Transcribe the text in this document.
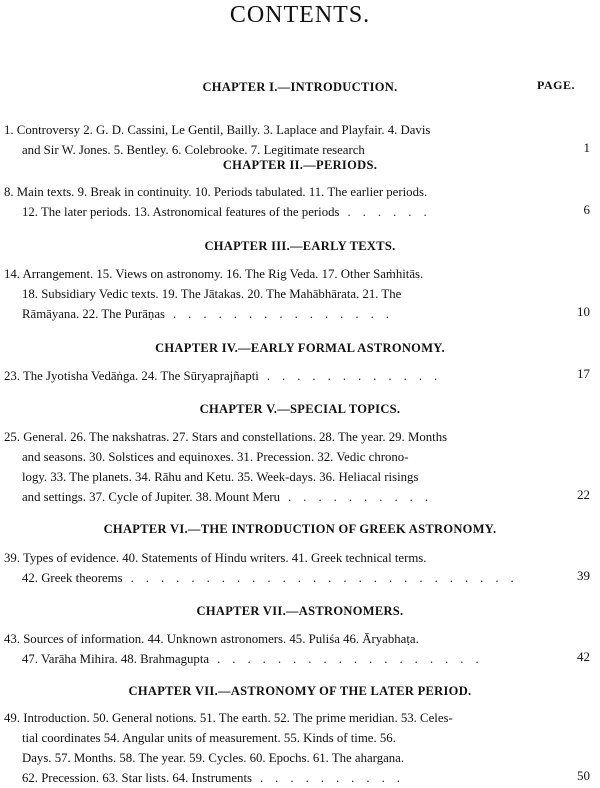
CONTENTS.
PAGE.
CHAPTER I.—INTRODUCTION.
1. Controversy 2. G. D. Cassini, Le Gentil, Bailly. 3. Laplace and Playfair. 4. Davis
and Sir W. Jones. 5. Bentley. 6. Colebrooke. 7. Legitimate research	1
CHAPTER II.—PERIODS.
8. Main texts. 9. Break in continuity. 10. Periods tabulated. 11. The earlier periods.
12. The later periods. 13. Astronomical features of the periods ......	6
CHAPTER III.—EARLY TEXTS.
14. Arrangement. 15. Views on astronomy. 16. The Rig Veda. 17. Other Saṁhitās.
18. Subsidiary Vedic texts. 19. The Jātakas. 20. The Mahābhārata. 21. The
Rāmāyana. 22. The Purāṇas ...............	10
CHAPTER IV.—EARLY FORMAL ASTRONOMY.
23. The Jyotisha Vedāṅga. 24. The Sūryaprajñapti ............	17
CHAPTER V.—SPECIAL TOPICS.
25. General. 26. The nakshatras. 27. Stars and constellations. 28. The year. 29. Months
and seasons. 30. Solstices and equinoxes. 31. Precession. 32. Vedic chrono-
logy. 33. The planets. 34. Rāhu and Ketu. 35. Week-days. 36. Heliacal risings
and settings. 37. Cycle of Jupiter. 38. Mount Meru ..........	22
CHAPTER VI.—THE INTRODUCTION OF GREEK ASTRONOMY.
39. Types of evidence. 40. Statements of Hindu writers. 41. Greek technical terms.
42. Greek theorems ..........................	39
CHAPTER VII.—ASTRONOMERS.
43. Sources of information. 44. Unknown astronomers. 45. Puliśa 46. Āryabhaṭa.
47. Varāha Mihira. 48. Brahmagupta ..................	42
CHAPTER VII.—ASTRONOMY OF THE LATER PERIOD.
49. Introduction. 50. General notions. 51. The earth. 52. The prime meridian. 53. Celes-
tial coordinates 54. Angular units of measurement. 55. Kinds of time. 56.
Days. 57. Months. 58. The year. 59. Cycles. 60. Epochs. 61. The ahargana.
62. Precession. 63. Star lists. 64. Instruments ..........	50
